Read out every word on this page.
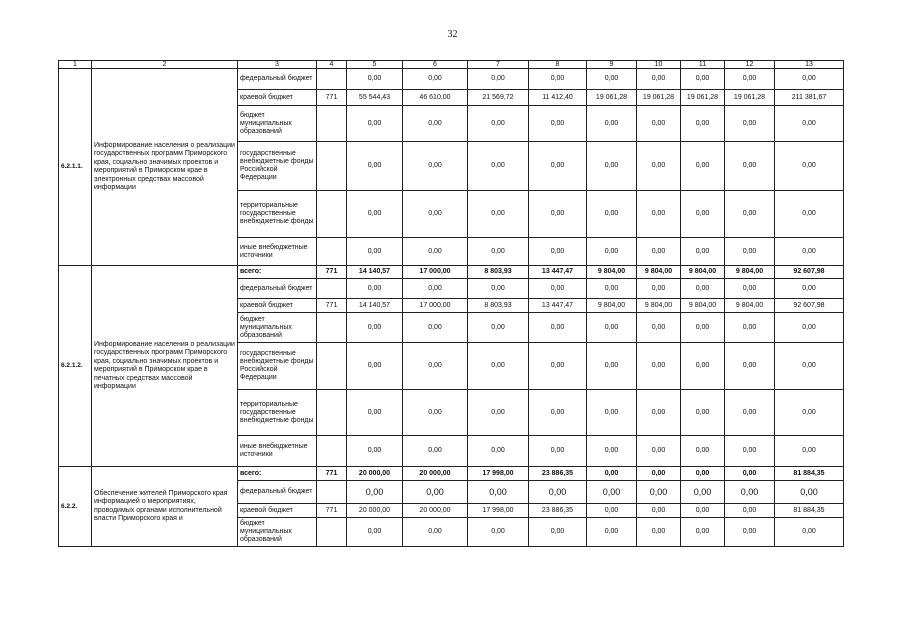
32
1	2	3	4	5	6	7	8	9	10	11	12	13
6.2.1.1.	Информирование населения о реализации государственных программ Приморского края, социально значимых проектов и мероприятий в Приморском крае в электронных средствах массовой информации	федеральный бюджет		0,00	0,00	0,00	0,00	0,00	0,00	0,00	0,00	0,00
		краевой бюджет	771	55 544,43	46 610,00	21 569,72	11 412,40	19 061,28	19 061,28	19 061,28	19 061,28	211 381,67
		бюджет муниципальных образований		0,00	0,00	0,00	0,00	0,00	0,00	0,00	0,00	0,00
		государственные внебюджетные фонды Российской Федерации		0,00	0,00	0,00	0,00	0,00	0,00	0,00	0,00	0,00
		территориальные государственные внебюджетные фонды		0,00	0,00	0,00	0,00	0,00	0,00	0,00	0,00	0,00
		иные внебюджетные источники		0,00	0,00	0,00	0,00	0,00	0,00	0,00	0,00	0,00
6.2.1.2.	Информирование населения о реализации государственных программ Приморского края, социально значимых проектов и мероприятий в Приморском крае в печатных средствах массовой информации	всего:	771	14 140,57	17 000,00	8 803,93	13 447,47	9 804,00	9 804,00	9 804,00	9 804,00	92 607,98
		федеральный бюджет		0,00	0,00	0,00	0,00	0,00	0,00	0,00	0,00	0,00
		краевой бюджет	771	14 140,57	17 000,00	8 803,93	13 447,47	9 804,00	9 804,00	9 804,00	9 804,00	92 607,98
		бюджет муниципальных образований		0,00	0,00	0,00	0,00	0,00	0,00	0,00	0,00	0,00
		государственные внебюджетные фонды Российской Федерации		0,00	0,00	0,00	0,00	0,00	0,00	0,00	0,00	0,00
		территориальные государственные внебюджетные фонды		0,00	0,00	0,00	0,00	0,00	0,00	0,00	0,00	0,00
		иные внебюджетные источники		0,00	0,00	0,00	0,00	0,00	0,00	0,00	0,00	0,00
6.2.2.	Обеспечение жителей Приморского края информацией о мероприятиях, проводимых органами исполнительной власти Приморского края и	всего:	771	20 000,00	20 000,00	17 998,00	23 886,35	0,00	0,00	0,00	0,00	81 884,35
		федеральный бюджет		0,00	0,00	0,00	0,00	0,00	0,00	0,00	0,00	0,00
		краевой бюджет	771	20 000,00	20 000,00	17 998,00	23 886,35	0,00	0,00	0,00	0,00	81 884,35
		бюджет муниципальных образований		0,00	0,00	0,00	0,00	0,00	0,00	0,00	0,00	0,00
